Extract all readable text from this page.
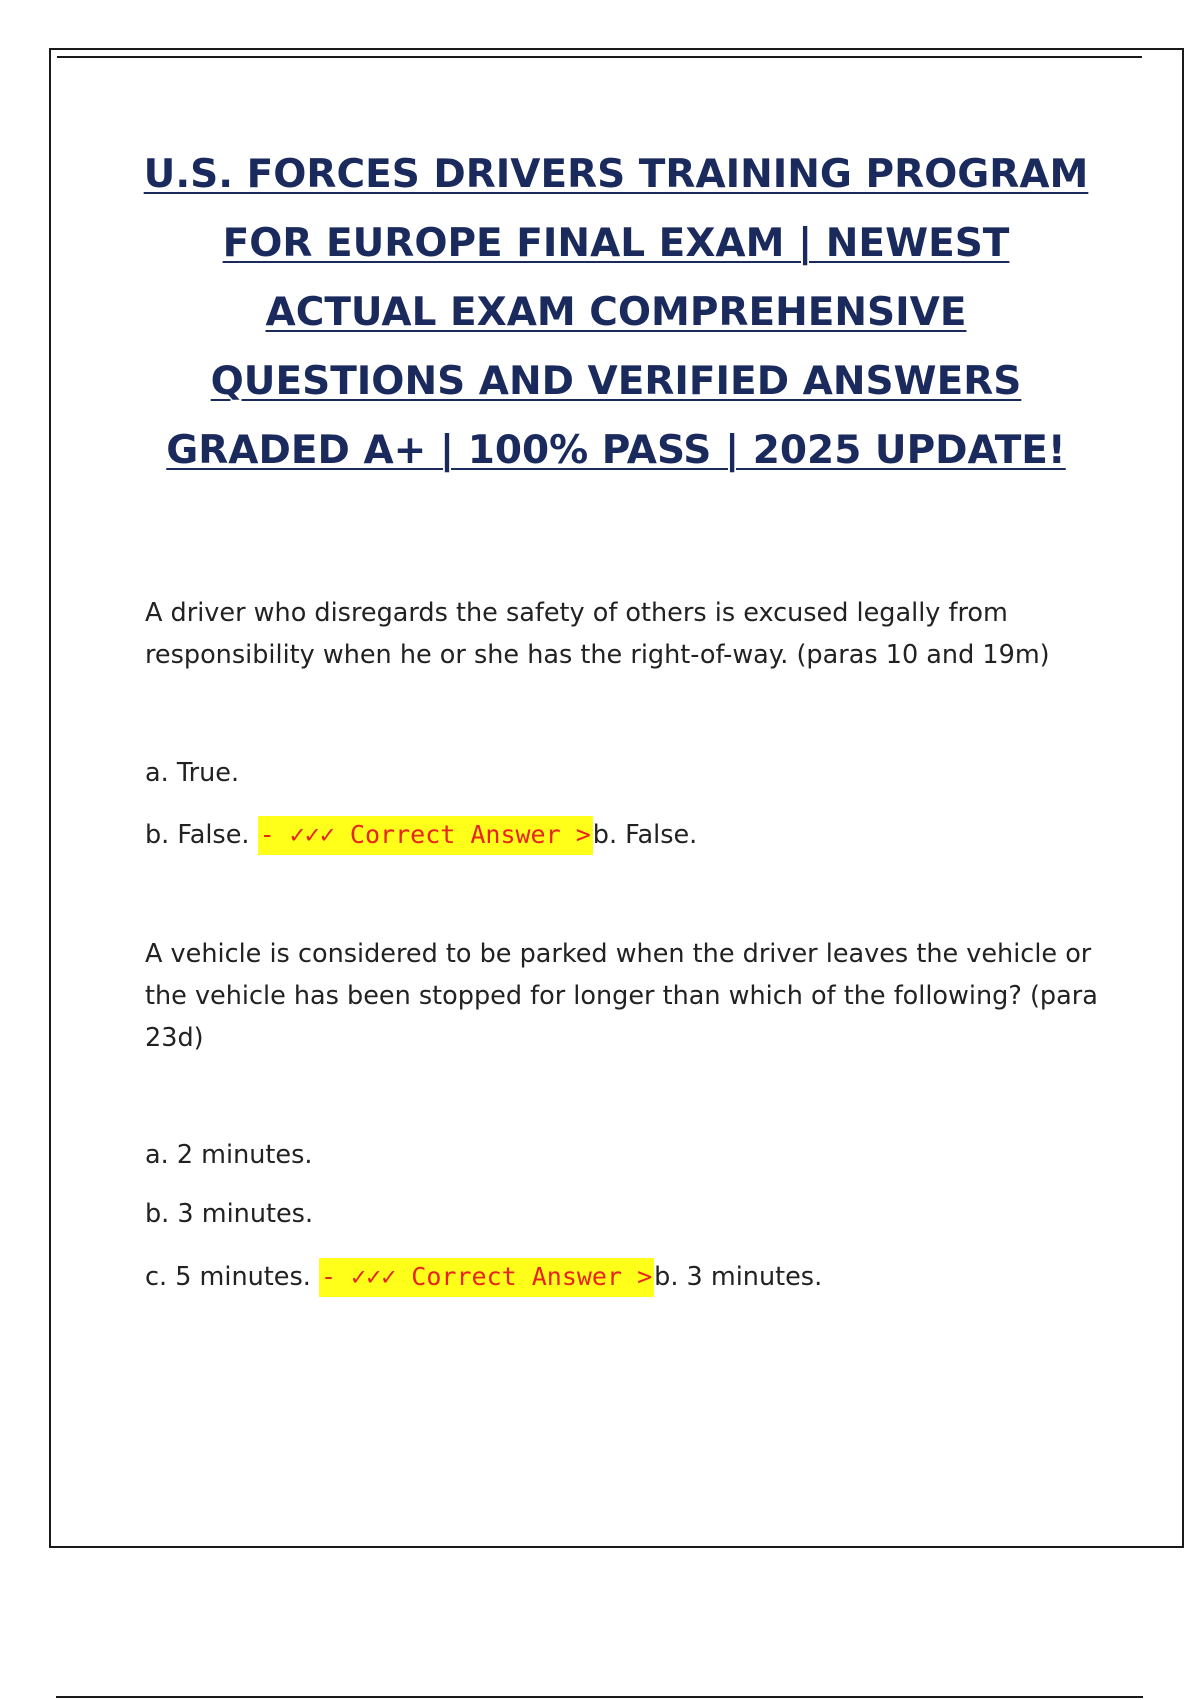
U.S. FORCES DRIVERS TRAINING PROGRAM
FOR EUROPE FINAL EXAM | NEWEST
ACTUAL EXAM COMPREHENSIVE
QUESTIONS AND VERIFIED ANSWERS
GRADED A+ | 100% PASS | 2025 UPDATE!

A driver who disregards the safety of others is excused legally from responsibility when he or she has the right-of-way. (paras 10 and 19m)

a. True.

b. False. - ✓✓✓ Correct Answer >b. False.

A vehicle is considered to be parked when the driver leaves the vehicle or the vehicle has been stopped for longer than which of the following? (para 23d)

a. 2 minutes.

b. 3 minutes.

c. 5 minutes. - ✓✓✓ Correct Answer >b. 3 minutes.
